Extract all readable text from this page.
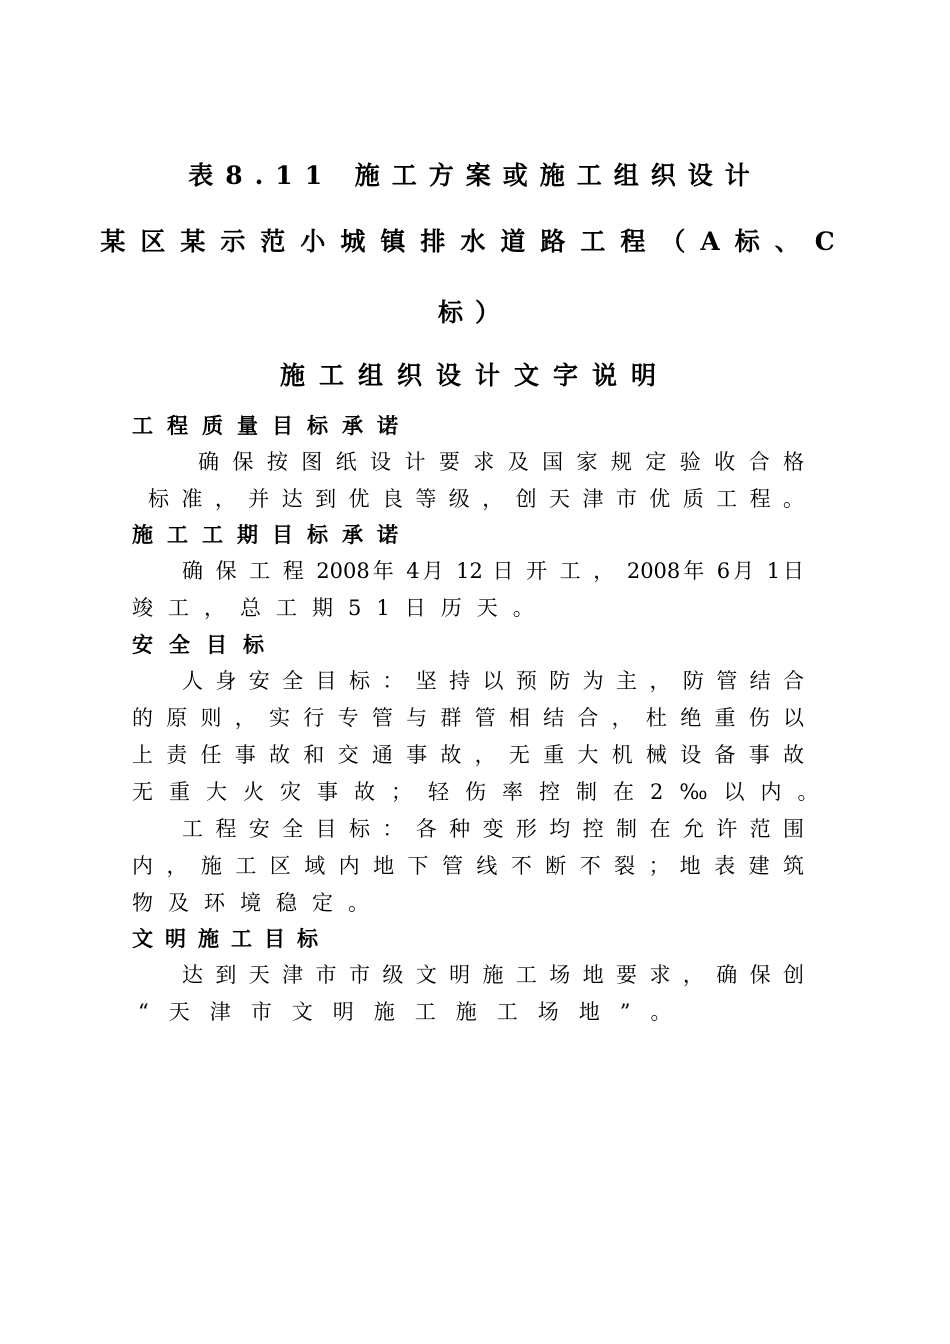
表8.11 施工方案或施工组织设计
某区某示范小城镇排水道路工程（A标、C
标）
施工组织设计文字说明
工程质量目标承诺
确 保 按 图 纸 设 计 要 求 及 国 家 规 定 验 收 合 格
标 准 ， 并 达 到 优 良 等 级 ， 创 天 津 市 优 质 工 程 。
施工工期目标承诺
确 保 工 程 2008年 4月 12 日 开 工 ， 2008年 6月 1日
竣工，总工期51日历天。
安全目标
人 身 安 全 目 标 ： 坚 持 以 预 防 为 主 ， 防 管 结 合
的 原 则 ， 实 行 专 管 与 群 管 相 结 合 ， 杜 绝 重 伤 以
上 责 任 事 故 和 交 通 事 故 ， 无 重 大 机 械 设 备 事 故
无重大火灾事故；轻伤率控制在2‰以内。
工 程 安 全 目 标 ： 各 种 变 形 均 控 制 在 允 许 范 围
内 ， 施 工 区 域 内 地 下 管 线 不 断 不 裂 ； 地 表 建 筑
物及环境稳定。
文明施工目标
达 到 天 津 市 市 级 文 明 施 工 场 地 要 求 ， 确 保 创
“天津市文明施工施工场地”。
